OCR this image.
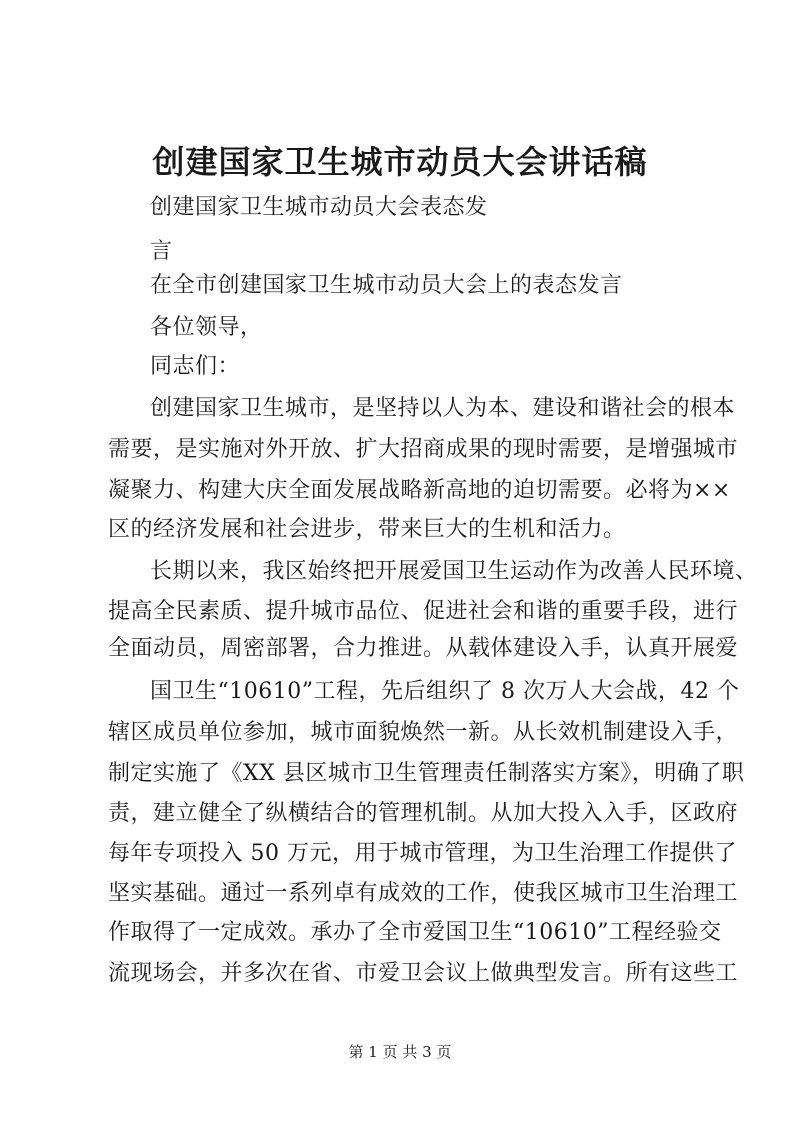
创建国家卫生城市动员大会讲话稿
创建国家卫生城市动员大会表态发
言
在全市创建国家卫生城市动员大会上的表态发言
各位领导，
同志们：
创建国家卫生城市，是坚持以人为本、建设和谐社会的根本
需要，是实施对外开放、扩大招商成果的现时需要，是增强城市
凝聚力、构建大庆全面发展战略新高地的迫切需要。必将为××
区的经济发展和社会进步，带来巨大的生机和活力。
长期以来，我区始终把开展爱国卫生运动作为改善人民环境、
提高全民素质、提升城市品位、促进社会和谐的重要手段，进行
全面动员，周密部署，合力推进。从载体建设入手，认真开展爱
国卫生“10610”工程，先后组织了 8 次万人大会战，42 个
辖区成员单位参加，城市面貌焕然一新。从长效机制建设入手，
制定实施了《XX 县区城市卫生管理责任制落实方案》，明确了职
责，建立健全了纵横结合的管理机制。从加大投入入手，区政府
每年专项投入 50 万元，用于城市管理，为卫生治理工作提供了
坚实基础。通过一系列卓有成效的工作，使我区城市卫生治理工
作取得了一定成效。承办了全市爱国卫生“10610”工程经验交
流现场会，并多次在省、市爱卫会议上做典型发言。所有这些工
第 1 页 共 3 页
